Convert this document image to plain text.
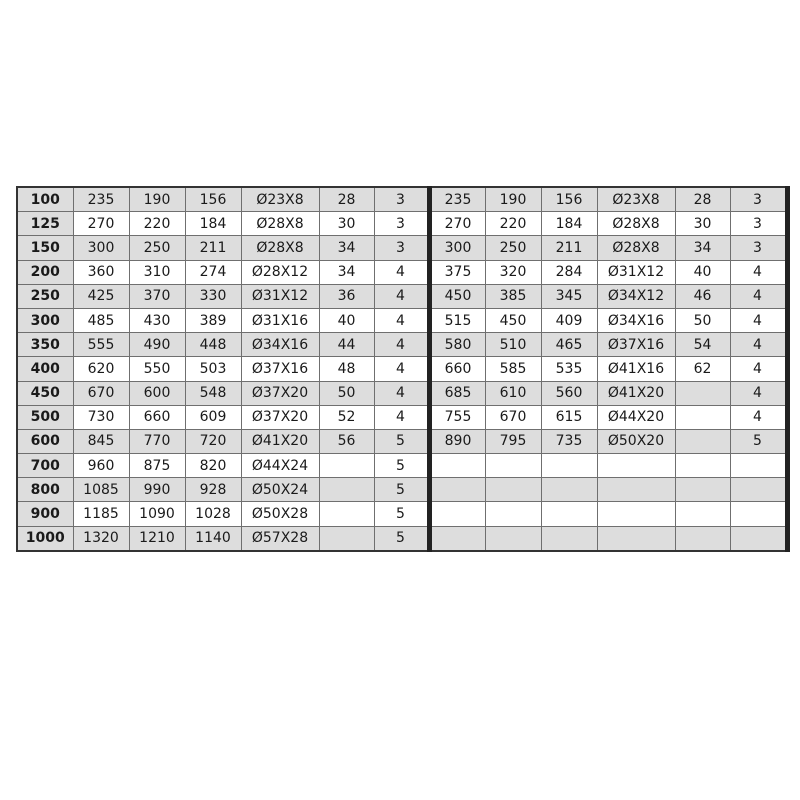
100	235	190	156	Ø23X8	28	3	235	190	156	Ø23X8	28	3
125	270	220	184	Ø28X8	30	3	270	220	184	Ø28X8	30	3
150	300	250	211	Ø28X8	34	3	300	250	211	Ø28X8	34	3
200	360	310	274	Ø28X12	34	4	375	320	284	Ø31X12	40	4
250	425	370	330	Ø31X12	36	4	450	385	345	Ø34X12	46	4
300	485	430	389	Ø31X16	40	4	515	450	409	Ø34X16	50	4
350	555	490	448	Ø34X16	44	4	580	510	465	Ø37X16	54	4
400	620	550	503	Ø37X16	48	4	660	585	535	Ø41X16	62	4
450	670	600	548	Ø37X20	50	4	685	610	560	Ø41X20		4
500	730	660	609	Ø37X20	52	4	755	670	615	Ø44X20		4
600	845	770	720	Ø41X20	56	5	890	795	735	Ø50X20		5
700	960	875	820	Ø44X24		5						
800	1085	990	928	Ø50X24		5						
900	1185	1090	1028	Ø50X28		5						
1000	1320	1210	1140	Ø57X28		5						
